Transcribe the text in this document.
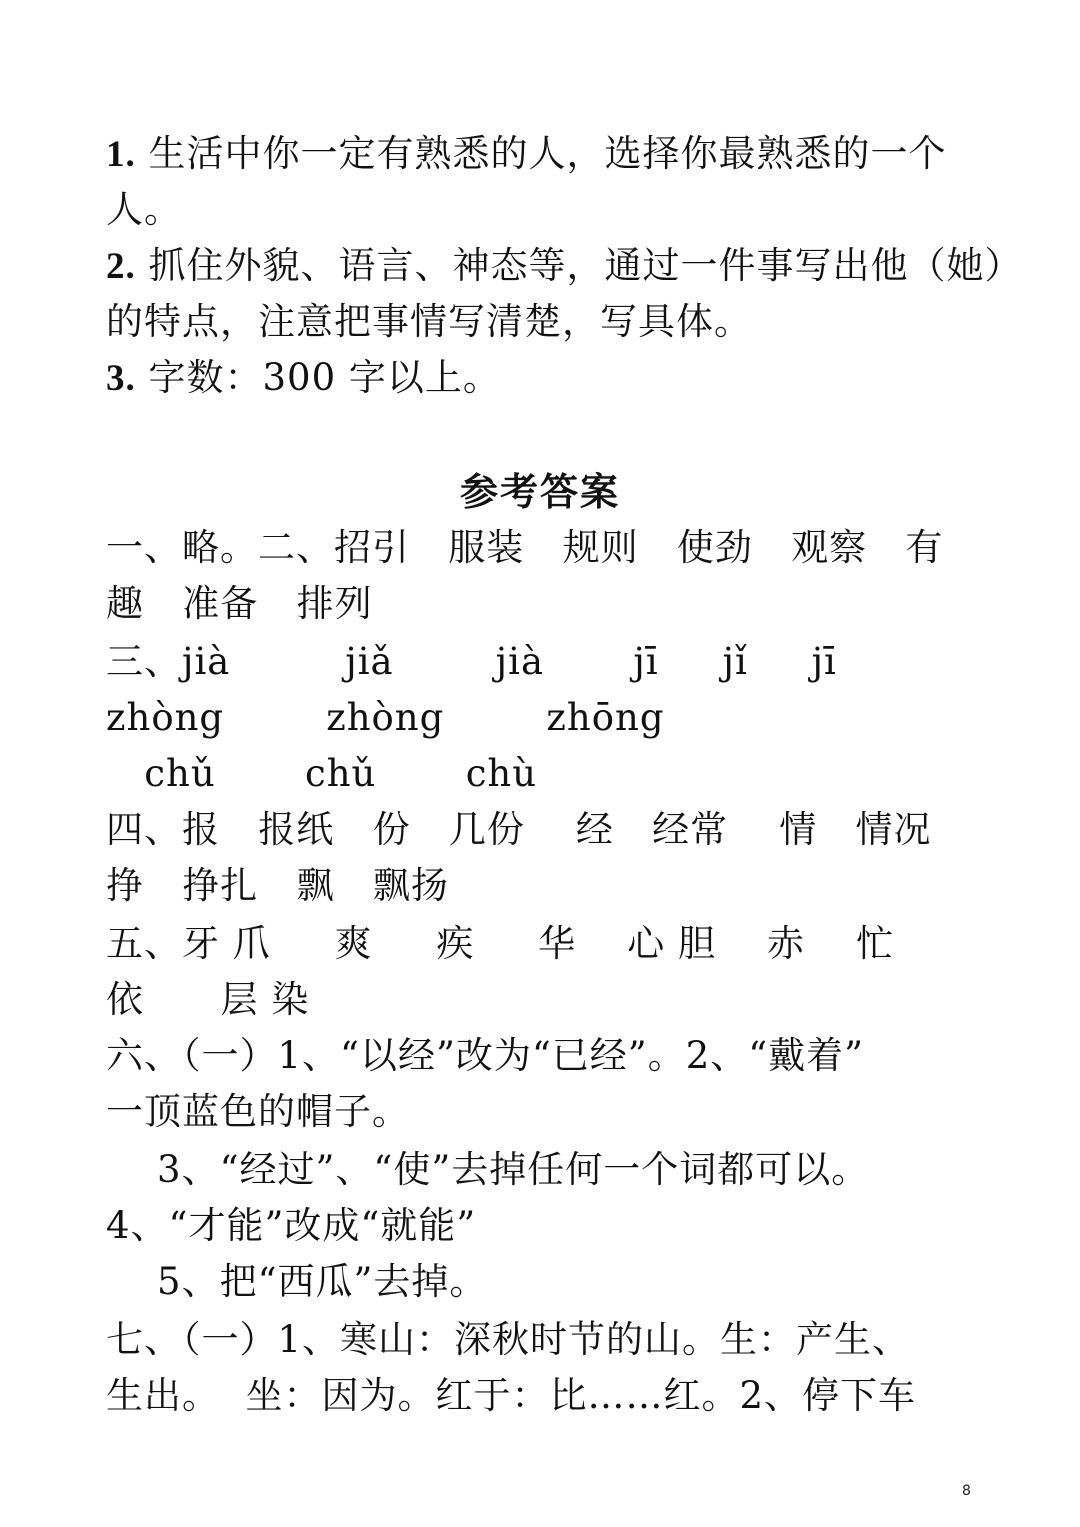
1. 生活中你一定有熟悉的人，选择你最熟悉的一个
人。
2. 抓住外貌、语言、神态等，通过一件事写出他（她）
的特点，注意把事情写清楚，写具体。
3. 字数：300 字以上。
参考答案
一、略。二、招引   服装   规则   使劲   观察   有
趣   准备   排列
三、jià         jiǎ        jià       jī     jǐ     jī
zhòng        zhòng        zhōng
chǔ       chǔ       chù
四、报   报纸   份   几份    经   经常    情   情况
挣   挣扎   飘   飘扬
五、牙 爪     爽     疾     华    心 胆    赤    忙
依      层 染
六、（一）1、“以经”改为“已经”。2、“戴着”
一顶蓝色的帽子。
3、“经过”、“使”去掉任何一个词都可以。
4、“才能”改成“就能”
5、把“西瓜”去掉。
七、（一）1、寒山：深秋时节的山。生：产生、
生出。  坐：因为。红于：比……红。2、停下车
8
